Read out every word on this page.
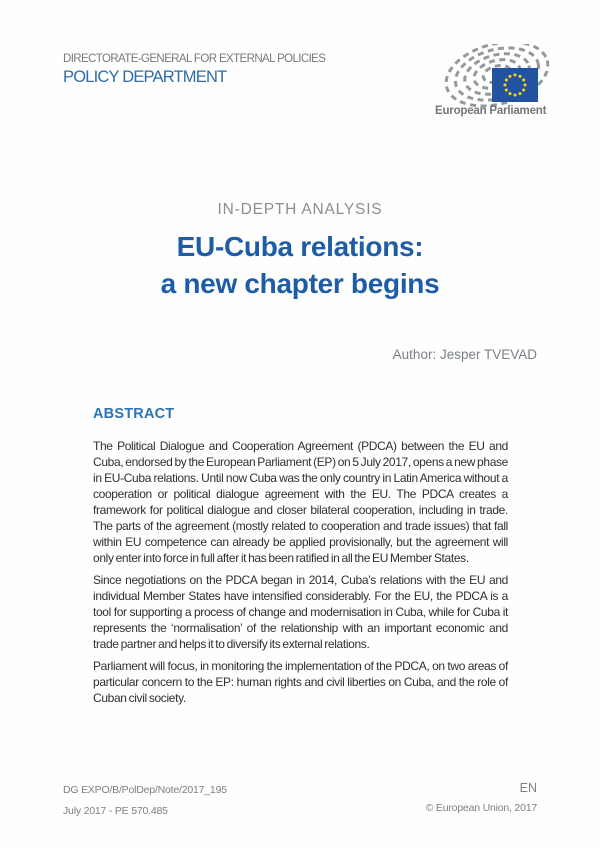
DIRECTORATE-GENERAL FOR EXTERNAL POLICIES
POLICY DEPARTMENT
European Parliament
IN-DEPTH ANALYSIS
EU-Cuba relations:
a new chapter begins
Author: Jesper TVEVAD
ABSTRACT

The Political Dialogue and Cooperation Agreement (PDCA) between the EU and Cuba, endorsed by the European Parliament (EP) on 5 July 2017, opens a new phase in EU-Cuba relations. Until now Cuba was the only country in Latin America without a cooperation or political dialogue agreement with the EU. The PDCA creates a framework for political dialogue and closer bilateral cooperation, including in trade. The parts of the agreement (mostly related to cooperation and trade issues) that fall within EU competence can already be applied provisionally, but the agreement will only enter into force in full after it has been ratified in all the EU Member States.

Since negotiations on the PDCA began in 2014, Cuba’s relations with the EU and individual Member States have intensified considerably. For the EU, the PDCA is a tool for supporting a process of change and modernisation in Cuba, while for Cuba it represents the ‘normalisation’ of the relationship with an important economic and trade partner and helps it to diversify its external relations.

Parliament will focus, in monitoring the implementation of the PDCA, on two areas of particular concern to the EP: human rights and civil liberties on Cuba, and the role of Cuban civil society.

DG EXPO/B/PolDep/Note/2017_195
July 2017 - PE 570.485
EN
© European Union, 2017
